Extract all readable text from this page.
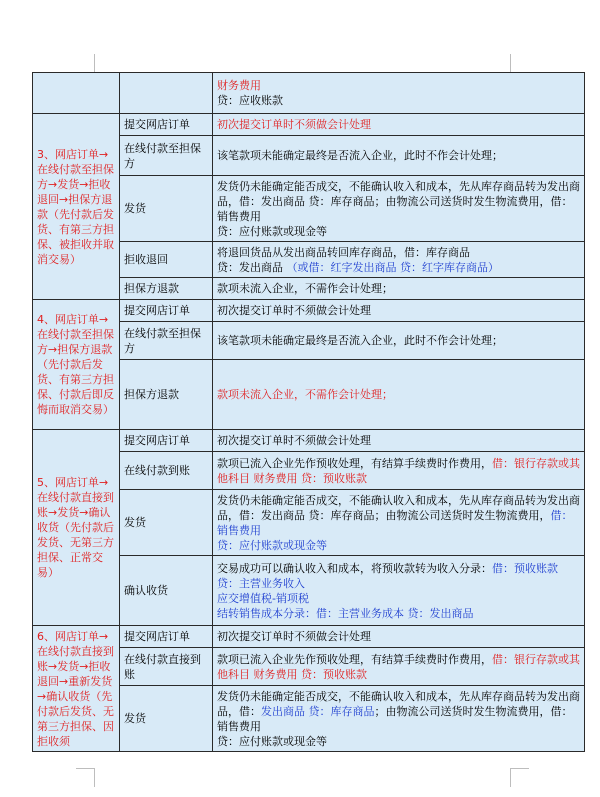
		财务费用
贷：应收账款

3、网店订单→在线付款至担保方→发货→拒收退回→担保方退款（先付款后发货、有第三方担保、被拒收并取消交易）	提交网店订单	初次提交订单时不须做会计处理

	在线付款至担保方	该笔款项未能确定最终是否流入企业，此时不作会计处理；

	发货	发货仍未能确定能否成交，不能确认收入和成本，先从库存商品转为发出商品，借：发出商品 贷：库存商品；由物流公司送货时发生物流费用，借：销售费用
贷：应付账款或现金等

	拒收退回	将退回货品从发出商品转回库存商品，借：库存商品
贷：发出商品 （或借：红字发出商品 贷：红字库存商品）

	担保方退款	款项未流入企业，不需作会计处理；

4、网店订单→在线付款至担保方→担保方退款（先付款后发货、有第三方担保、付款后即反悔而取消交易）	提交网店订单	初次提交订单时不须做会计处理

	在线付款至担保方	该笔款项未能确定最终是否流入企业，此时不作会计处理；

	担保方退款	款项未流入企业，不需作会计处理；

5、网店订单→在线付款直接到账→发货→确认收货（先付款后发货、无第三方担保、正常交易）	提交网店订单	初次提交订单时不须做会计处理

	在线付款到账	款项已流入企业先作预收处理，有结算手续费时作费用，借：银行存款或其他科目 财务费用 贷：预收账款

	发货	发货仍未能确定能否成交，不能确认收入和成本，先从库存商品转为发出商品，借：发出商品 贷：库存商品；由物流公司送货时发生物流费用，借：销售费用
贷：应付账款或现金等

	确认收货	交易成功可以确认收入和成本，将预收款转为收入分录：借：预收账款 贷：主营业务收入
应交增值税-销项税
结转销售成本分录：借：主营业务成本 贷：发出商品

6、网店订单→在线付款直接到账→发货→拒收退回→重新发货→确认收货（先付款后发货、无第三方担保、因拒收须	提交网店订单	初次提交订单时不须做会计处理

	在线付款直接到账	款项已流入企业先作预收处理，有结算手续费时作费用，借：银行存款或其他科目 财务费用 贷：预收账款

	发货	发货仍未能确定能否成交，不能确认收入和成本，先从库存商品转为发出商品，借：发出商品 贷：库存商品；由物流公司送货时发生物流费用，借：销售费用
贷：应付账款或现金等
